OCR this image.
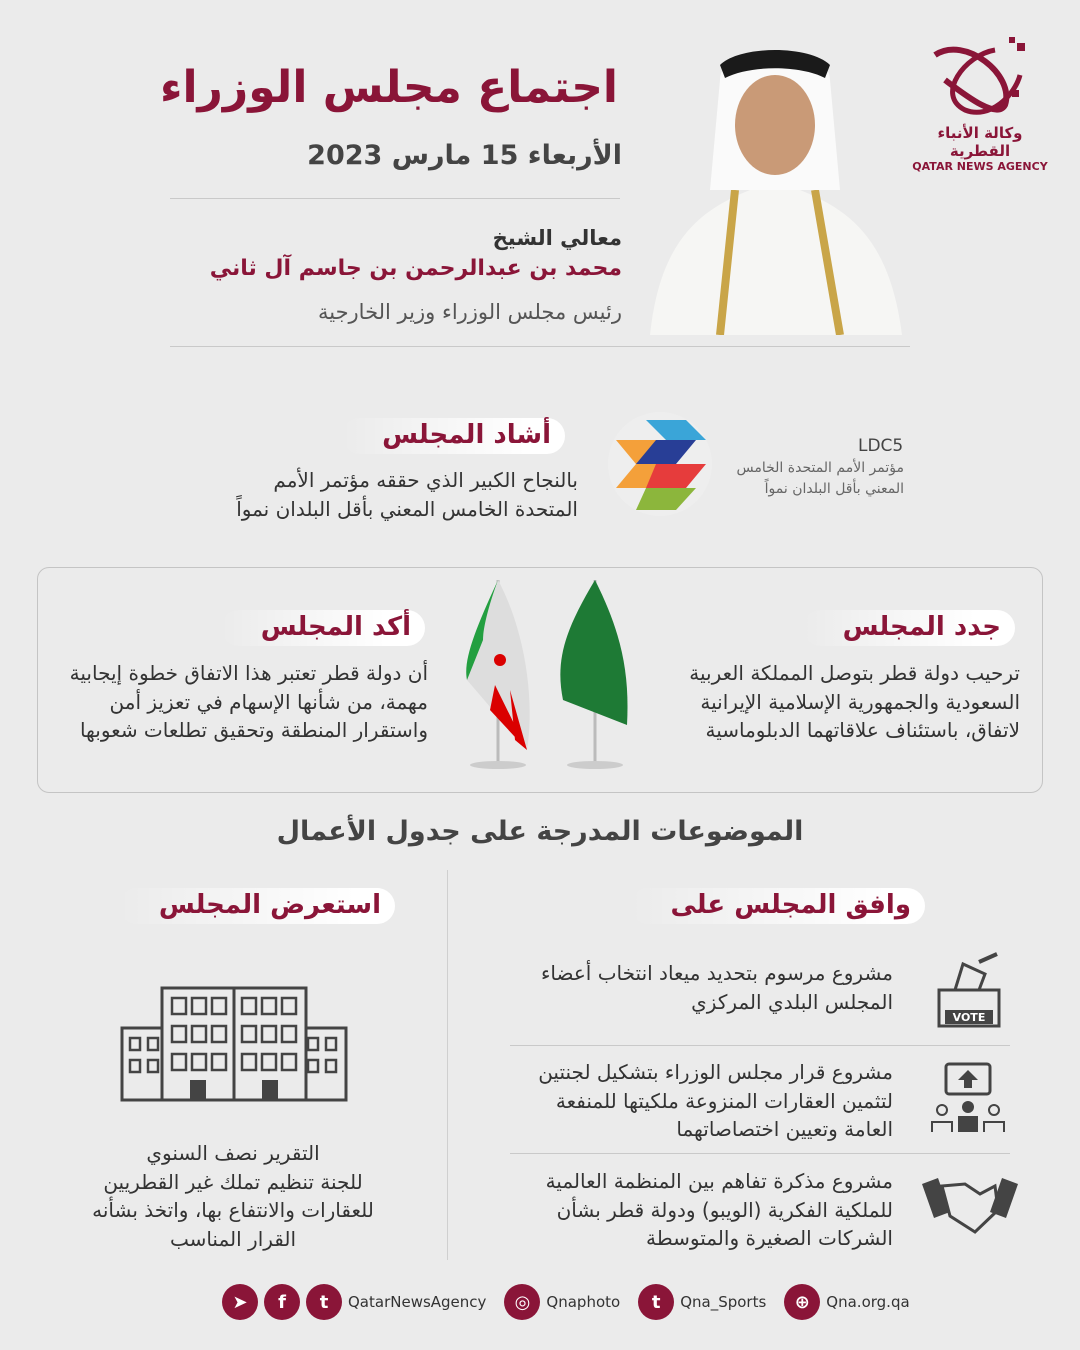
وكالة الأنباء القطرية
QATAR NEWS AGENCY
اجتماع مجلس الوزراء
الأربعاء 15 مارس 2023
معالي الشيخ
محمد بن عبدالرحمن بن جاسم آل ثاني
رئيس مجلس الوزراء وزير الخارجية
أشاد المجلس
بالنجاح الكبير الذي حققه مؤتمر الأمم
المتحدة الخامس المعني بأقل البلدان نمواً
LDC5
مؤتمر الأمم المتحدة الخامس
المعني بأقل البلدان نمواً
جدد المجلس
ترحيب دولة قطر بتوصل المملكة العربية
السعودية والجمهورية الإسلامية الإيرانية
لاتفاق، باستئناف علاقاتهما الدبلوماسية
أكد المجلس
أن دولة قطر تعتبر هذا الاتفاق خطوة إيجابية
مهمة، من شأنها الإسهام في تعزيز أمن
واستقرار المنطقة وتحقيق تطلعات شعوبها
الموضوعات المدرجة على جدول الأعمال
وافق المجلس على
استعرض المجلس
مشروع مرسوم بتحديد ميعاد انتخاب أعضاء
المجلس البلدي المركزي
VOTE
مشروع قرار مجلس الوزراء بتشكيل لجنتين
لتثمين العقارات المنزوعة ملكيتها للمنفعة
العامة وتعيين اختصاصاتهما
مشروع مذكرة تفاهم بين المنظمة العالمية
للملكية الفكرية (الويبو) ودولة قطر بشأن
الشركات الصغيرة والمتوسطة
التقرير نصف السنوي
للجنة تنظيم تملك غير القطريين
للعقارات والانتفاع بها، واتخذ بشأنه
القرار المناسب
➤	f	t	QatarNewsAgency	◎	Qnaphoto	t	Qna_Sports	⊕	Qna.org.qa
